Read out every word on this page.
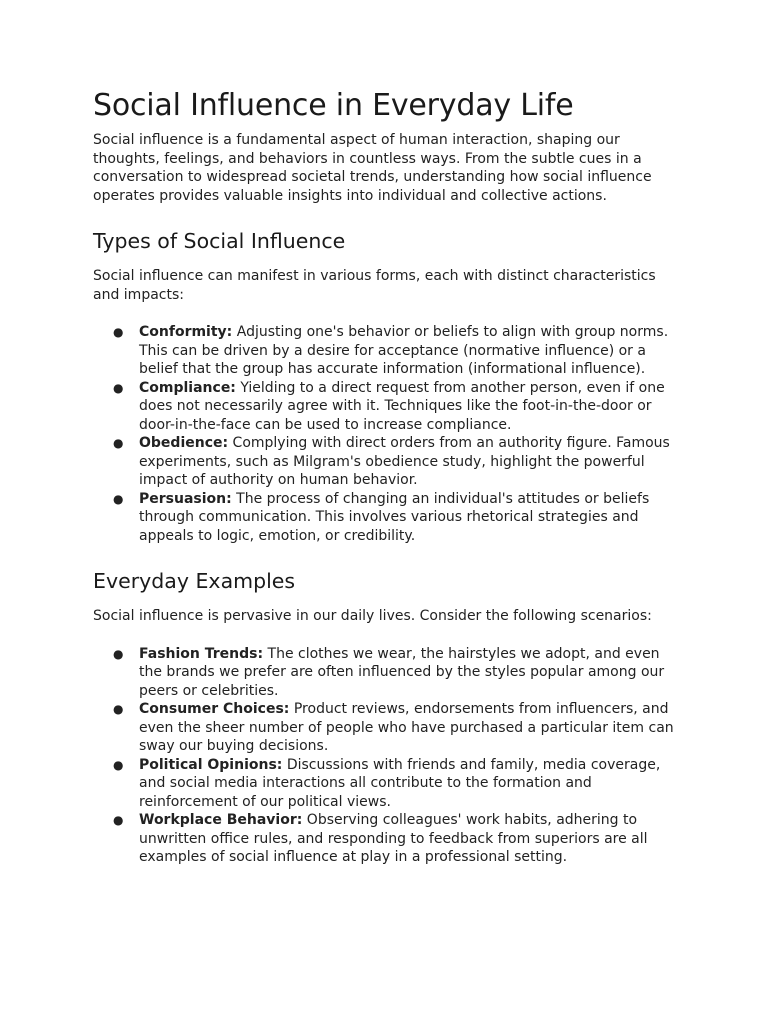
Social Influence in Everyday Life

Social influence is a fundamental aspect of human interaction, shaping our thoughts, feelings, and behaviors in countless ways. From the subtle cues in a conversation to widespread societal trends, understanding how social influence operates provides valuable insights into individual and collective actions.

Types of Social Influence

Social influence can manifest in various forms, each with distinct characteristics and impacts:

● Conformity: Adjusting one's behavior or beliefs to align with group norms. This can be driven by a desire for acceptance (normative influence) or a belief that the group has accurate information (informational influence).
● Compliance: Yielding to a direct request from another person, even if one does not necessarily agree with it. Techniques like the foot-in-the-door or door-in-the-face can be used to increase compliance.
● Obedience: Complying with direct orders from an authority figure. Famous experiments, such as Milgram's obedience study, highlight the powerful impact of authority on human behavior.
● Persuasion: The process of changing an individual's attitudes or beliefs through communication. This involves various rhetorical strategies and appeals to logic, emotion, or credibility.
Everyday Examples

Social influence is pervasive in our daily lives. Consider the following scenarios:

● Fashion Trends: The clothes we wear, the hairstyles we adopt, and even the brands we prefer are often influenced by the styles popular among our peers or celebrities.
● Consumer Choices: Product reviews, endorsements from influencers, and even the sheer number of people who have purchased a particular item can sway our buying decisions.
● Political Opinions: Discussions with friends and family, media coverage, and social media interactions all contribute to the formation and reinforcement of our political views.
● Workplace Behavior: Observing colleagues' work habits, adhering to unwritten office rules, and responding to feedback from superiors are all examples of social influence at play in a professional setting.
